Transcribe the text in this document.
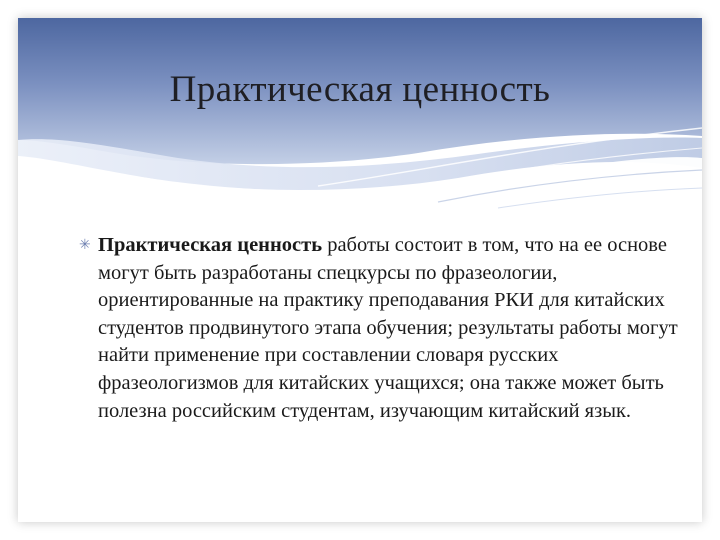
Практическая ценность
✳ Практическая ценность работы состоит в том, что на ее основе могут быть разработаны спецкурсы по фразеологии, ориентированные на практику преподавания РКИ для китайских студентов продвинутого этапа обучения; результаты работы могут найти применение при составлении словаря русских фразеологизмов для китайских учащихся; она также может быть полезна российским студентам, изучающим китайский язык.
